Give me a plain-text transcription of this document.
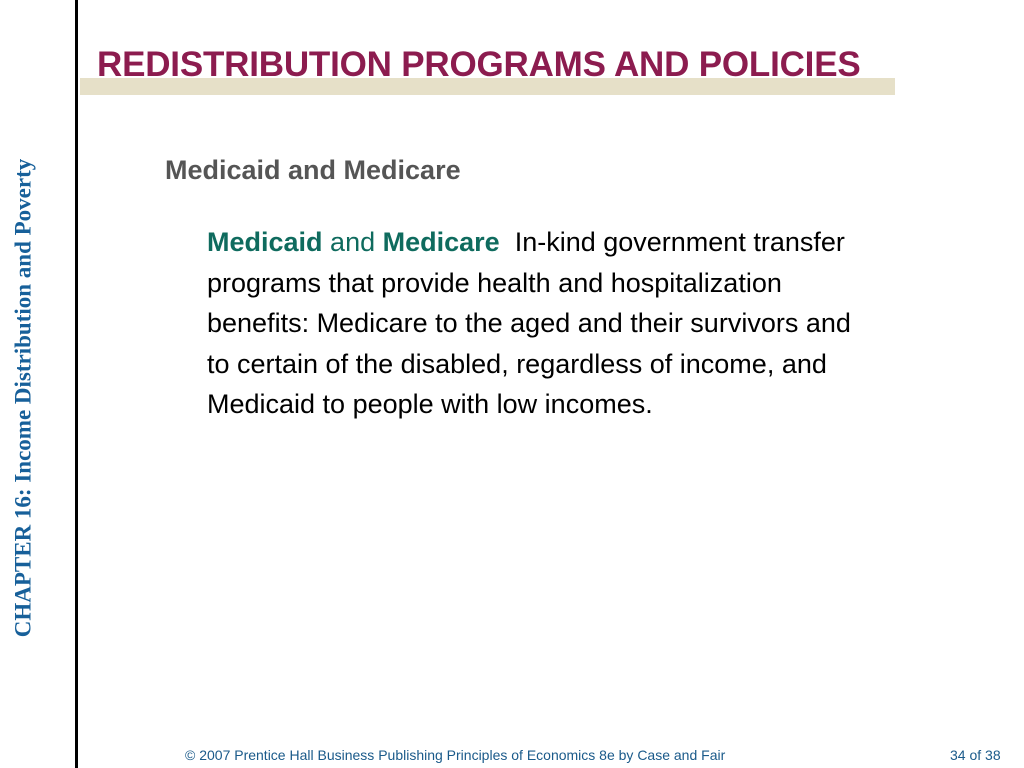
CHAPTER 16: Income Distribution and Poverty
REDISTRIBUTION PROGRAMS AND POLICIES
Medicaid and Medicare

Medicaid and Medicare In-kind government transfer programs that provide health and hospitalization benefits: Medicare to the aged and their survivors and to certain of the disabled, regardless of income, and Medicaid to people with low incomes.

© 2007 Prentice Hall Business Publishing Principles of Economics 8e by Case and Fair	34 of 38
